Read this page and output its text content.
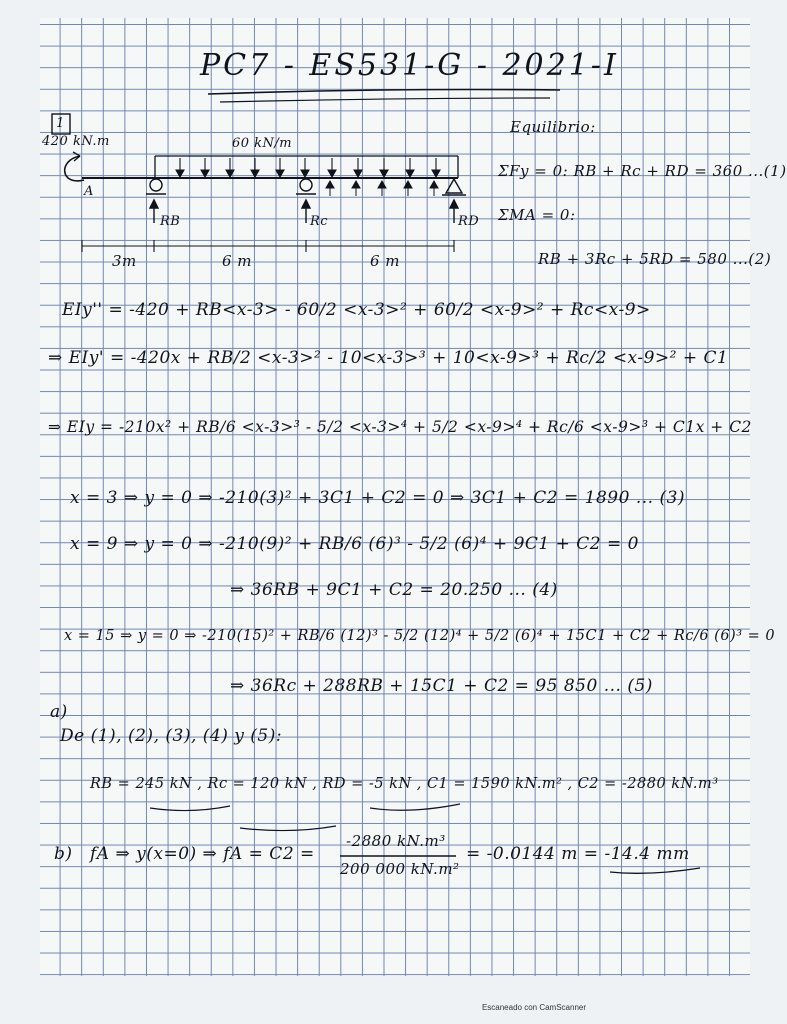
PC7 - ES531-G - 2021-I
1
420 kN.m	60 kN/m
A
RB	Rc	RD
3m	6 m	6 m
Equilibrio:
ΣFy = 0: RB + Rc + RD = 360 ...(1)
ΣMA = 0:
RB + 3Rc + 5RD = 580 ...(2)
EIy'' = -420 + RB<x-3> - 60/2 <x-3>² + 60/2 <x-9>² + Rc<x-9>
⇒ EIy' = -420x + RB/2 <x-3>² - 10<x-3>³ + 10<x-9>³ + Rc/2 <x-9>² + C1
⇒ EIy = -210x² + RB/6 <x-3>³ - 5/2 <x-3>⁴ + 5/2 <x-9>⁴ + Rc/6 <x-9>³ + C1x + C2
x = 3 ⇒ y = 0 ⇒ -210(3)² + 3C1 + C2 = 0 ⇒ 3C1 + C2 = 1890 ... (3)
x = 9 ⇒ y = 0 ⇒ -210(9)² + RB/6 (6)³ - 5/2 (6)⁴ + 9C1 + C2 = 0
⇒ 36RB + 9C1 + C2 = 20.250 ... (4)
x = 15 ⇒ y = 0 ⇒ -210(15)² + RB/6 (12)³ - 5/2 (12)⁴ + 5/2 (6)⁴ + 15C1 + C2 + Rc/6 (6)³ = 0
⇒ 36Rc + 288RB + 15C1 + C2 = 95 850 ... (5)
a)
De (1), (2), (3), (4) y (5):
RB = 245 kN , Rc = 120 kN , RD = -5 kN , C1 = 1590 kN.m² , C2 = -2880 kN.m³
b) fA ⇒ y(x=0) ⇒ fA = C2 =
-2880 kN.m³
200 000 kN.m²
= -0.0144 m = -14.4 mm
Escaneado con CamScanner
